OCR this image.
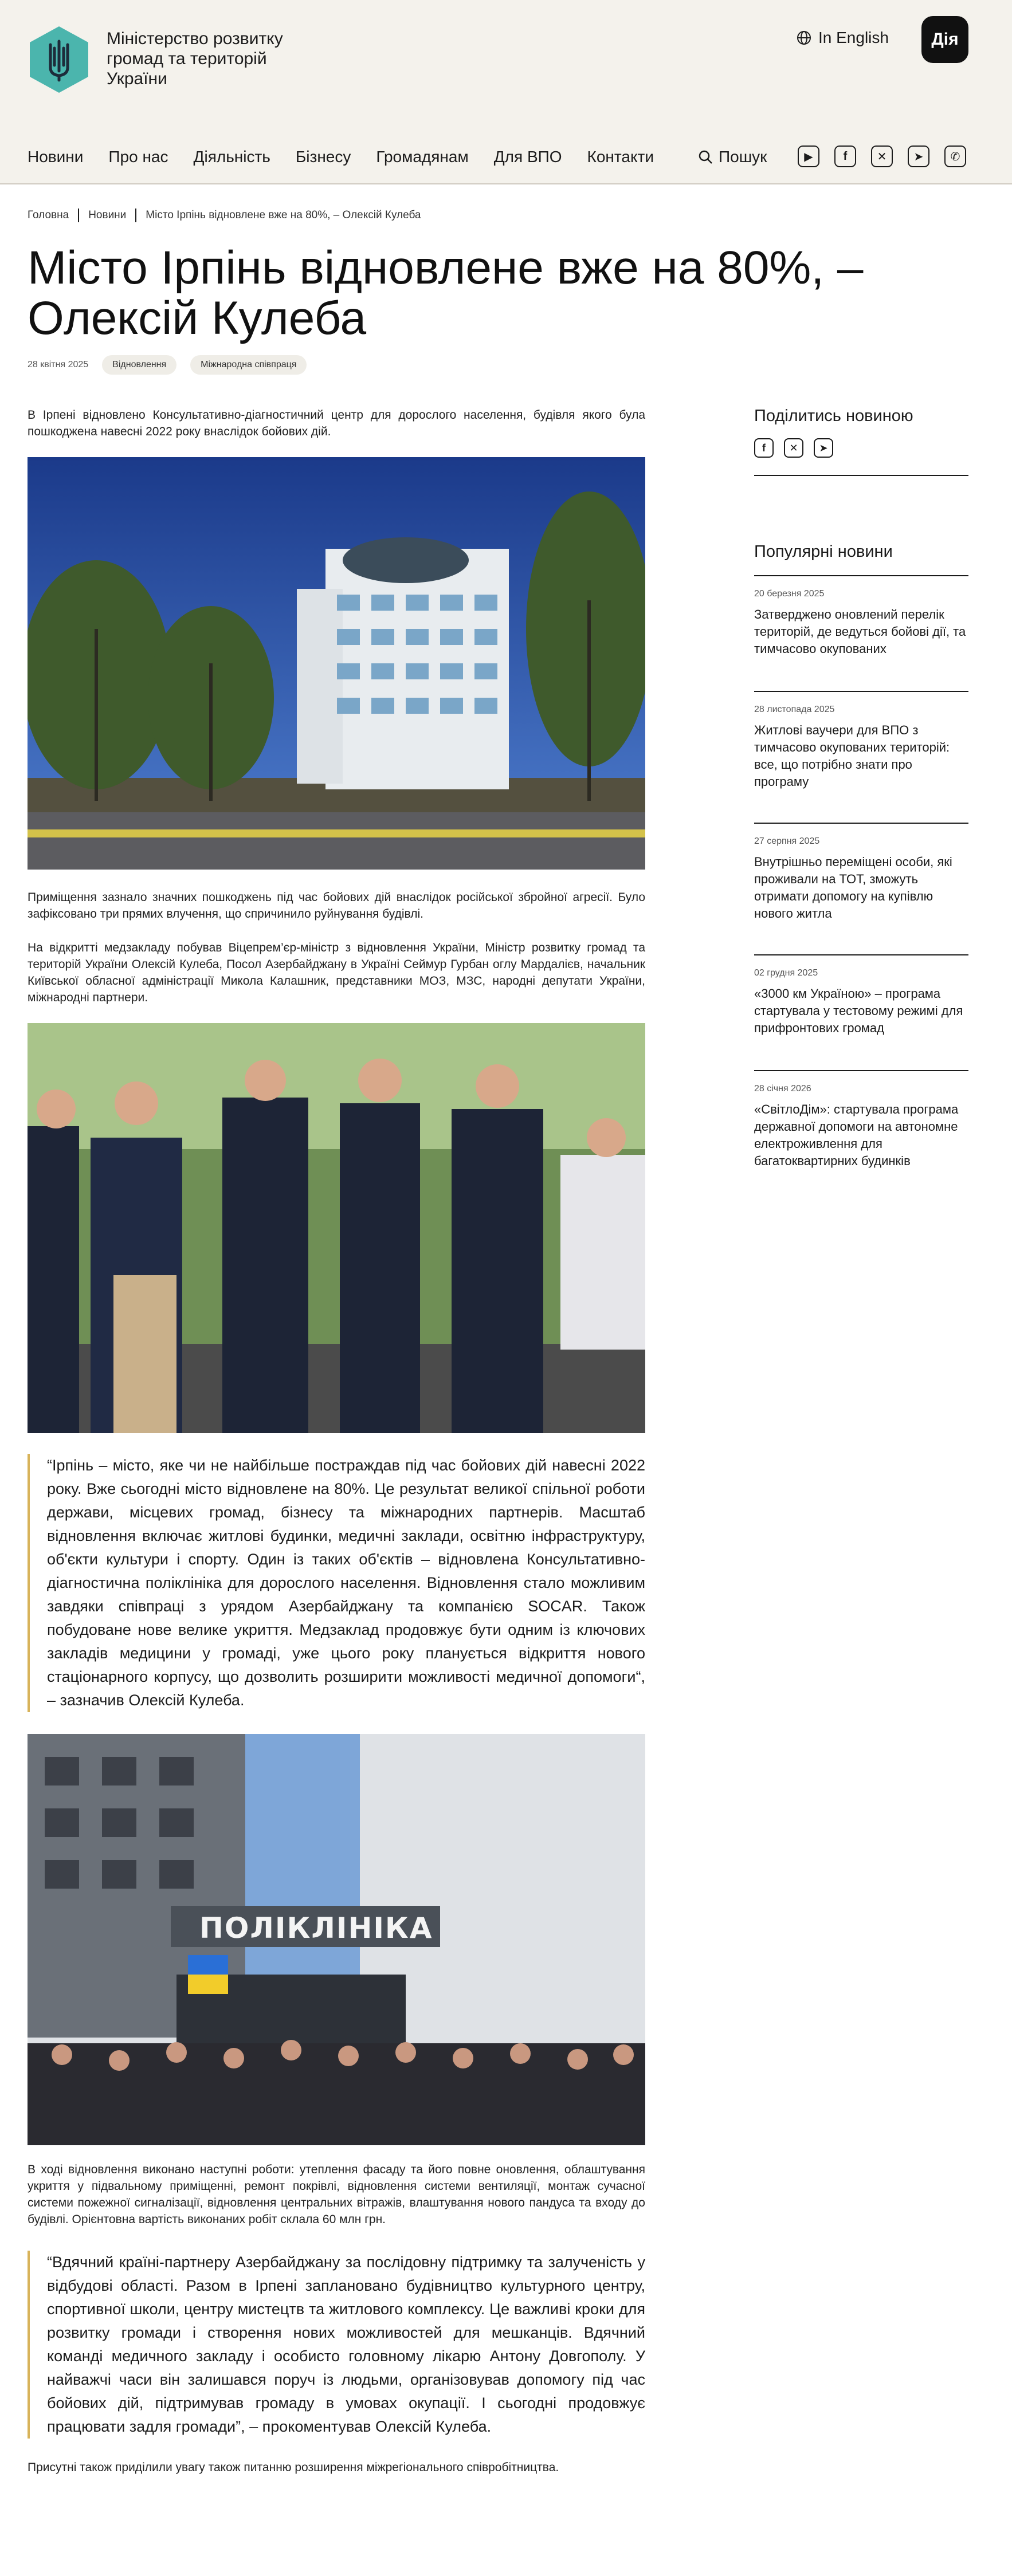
Міністерство розвитку
громад та територій
України
In English	Дія
Новини Про нас Діяльність Бізнесу Громадянам Для ВПО Контакти	Пошук	▶	f	✕	➤	✆
Головна Новини Місто Ірпінь відновлене вже на 80%, – Олексій Кулеба
Місто Ірпінь відновлене вже на 80%, – Олексій Кулеба
28 квітня 2025	Відновлення	Міжнародна співпраця

В Ірпені відновлено Консультативно-діагностичний центр для дорослого населення, будівля якого була пошкоджена навесні 2022 року внаслідок бойових дій.

Приміщення зазнало значних пошкоджень під час бойових дій внаслідок російської збройної агресії. Було зафіксовано три прямих влучення, що спричинило руйнування будівлі.

На відкритті медзакладу побував Віцепрем’єр-міністр з відновлення України, Міністр розвитку громад та територій України Олексій Кулеба, Посол Азербайджану в Україні Сеймур Гурбан оглу Мардалієв, начальник Київської обласної адміністрації Микола Калашник, представники МОЗ, МЗС, народні депутати України, міжнародні партнери.

“Ірпінь – місто, яке чи не найбільше постраждав під час бойових дій навесні 2022 року. Вже сьогодні місто відновлене на 80%. Це результат великої спільної роботи держави, місцевих громад, бізнесу та міжнародних партнерів. Масштаб відновлення включає житлові будинки, медичні заклади, освітню інфраструктуру, об'єкти культури і спорту. Один із таких об'єктів – відновлена Консультативно-діагностична поліклініка для дорослого населення. Відновлення стало можливим завдяки співпраці з урядом Азербайджану та компанією SOCAR. Також побудоване нове велике укриття. Медзаклад продовжує бути одним із ключових закладів медицини у громаді, уже цього року планується відкриття нового стаціонарного корпусу, що дозволить розширити можливості медичної допомоги“, – зазначив Олексій Кулеба.

ПОЛІКЛІНІКА

В ході відновлення виконано наступні роботи: утеплення фасаду та його повне оновлення, облаштування укриття у підвальному приміщенні, ремонт покрівлі, відновлення системи вентиляції, монтаж сучасної системи пожежної сигналізації, відновлення центральних вітражів, влаштування нового пандуса та входу до будівлі. Орієнтовна вартість виконаних робіт склала 60 млн грн.

“Вдячний країні-партнеру Азербайджану за послідовну підтримку та залученість у відбудові області. Разом в Ірпені заплановано будівництво культурного центру, спортивної школи, центру мистецтв та житлового комплексу. Це важливі кроки для розвитку громади і створення нових можливостей для мешканців. Вдячний команді медичного закладу і особисто головному лікарю Антону Довгополу. У найважчі часи він залишався поруч із людьми, організовував допомогу під час бойових дій, підтримував громаду в умовах окупації. І сьогодні продовжує працювати задля громади”, – прокоментував Олексій Кулеба.

Присутні також приділили увагу також питанню розширення міжрегіонального співробітництва.

Поділитись новиною
f	✕	➤
Популярні новини
20 березня 2025
Затверджено оновлений перелік територій, де ведуться бойові дії, та тимчасово окупованих
28 листопада 2025
Житлові ваучери для ВПО з тимчасово окупованих територій: все, що потрібно знати про програму
27 серпня 2025
Внутрішньо переміщені особи, які проживали на ТОТ, зможуть отримати допомогу на купівлю нового житла
02 грудня 2025
«3000 км Україною» – програма стартувала у тестовому режимі для прифронтових громад
28 січня 2026
«СвітлоДім»: стартувала програма державної допомоги на автономне електроживлення для багатоквартирних будинків
